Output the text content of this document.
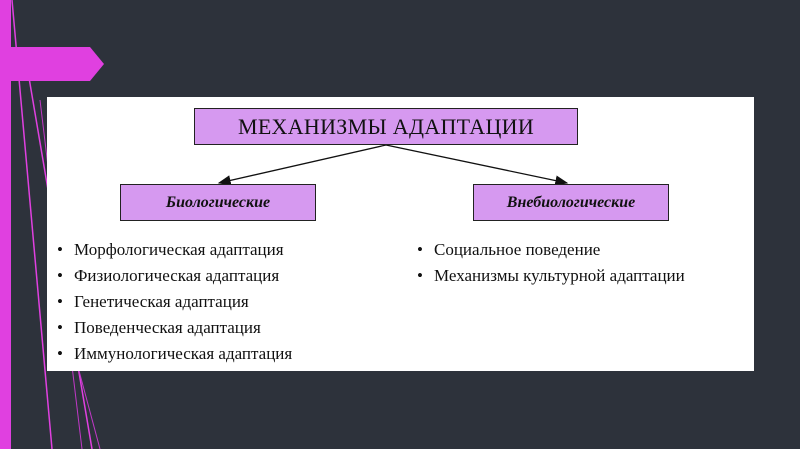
МЕХАНИЗМЫ АДАПТАЦИИ
Биологические	Внебиологические
• Морфологическая адаптация
• Физиологическая адаптация
• Генетическая адаптация
• Поведенческая адаптация
• Иммунологическая адаптация
• Социальное поведение
• Механизмы культурной адаптации
